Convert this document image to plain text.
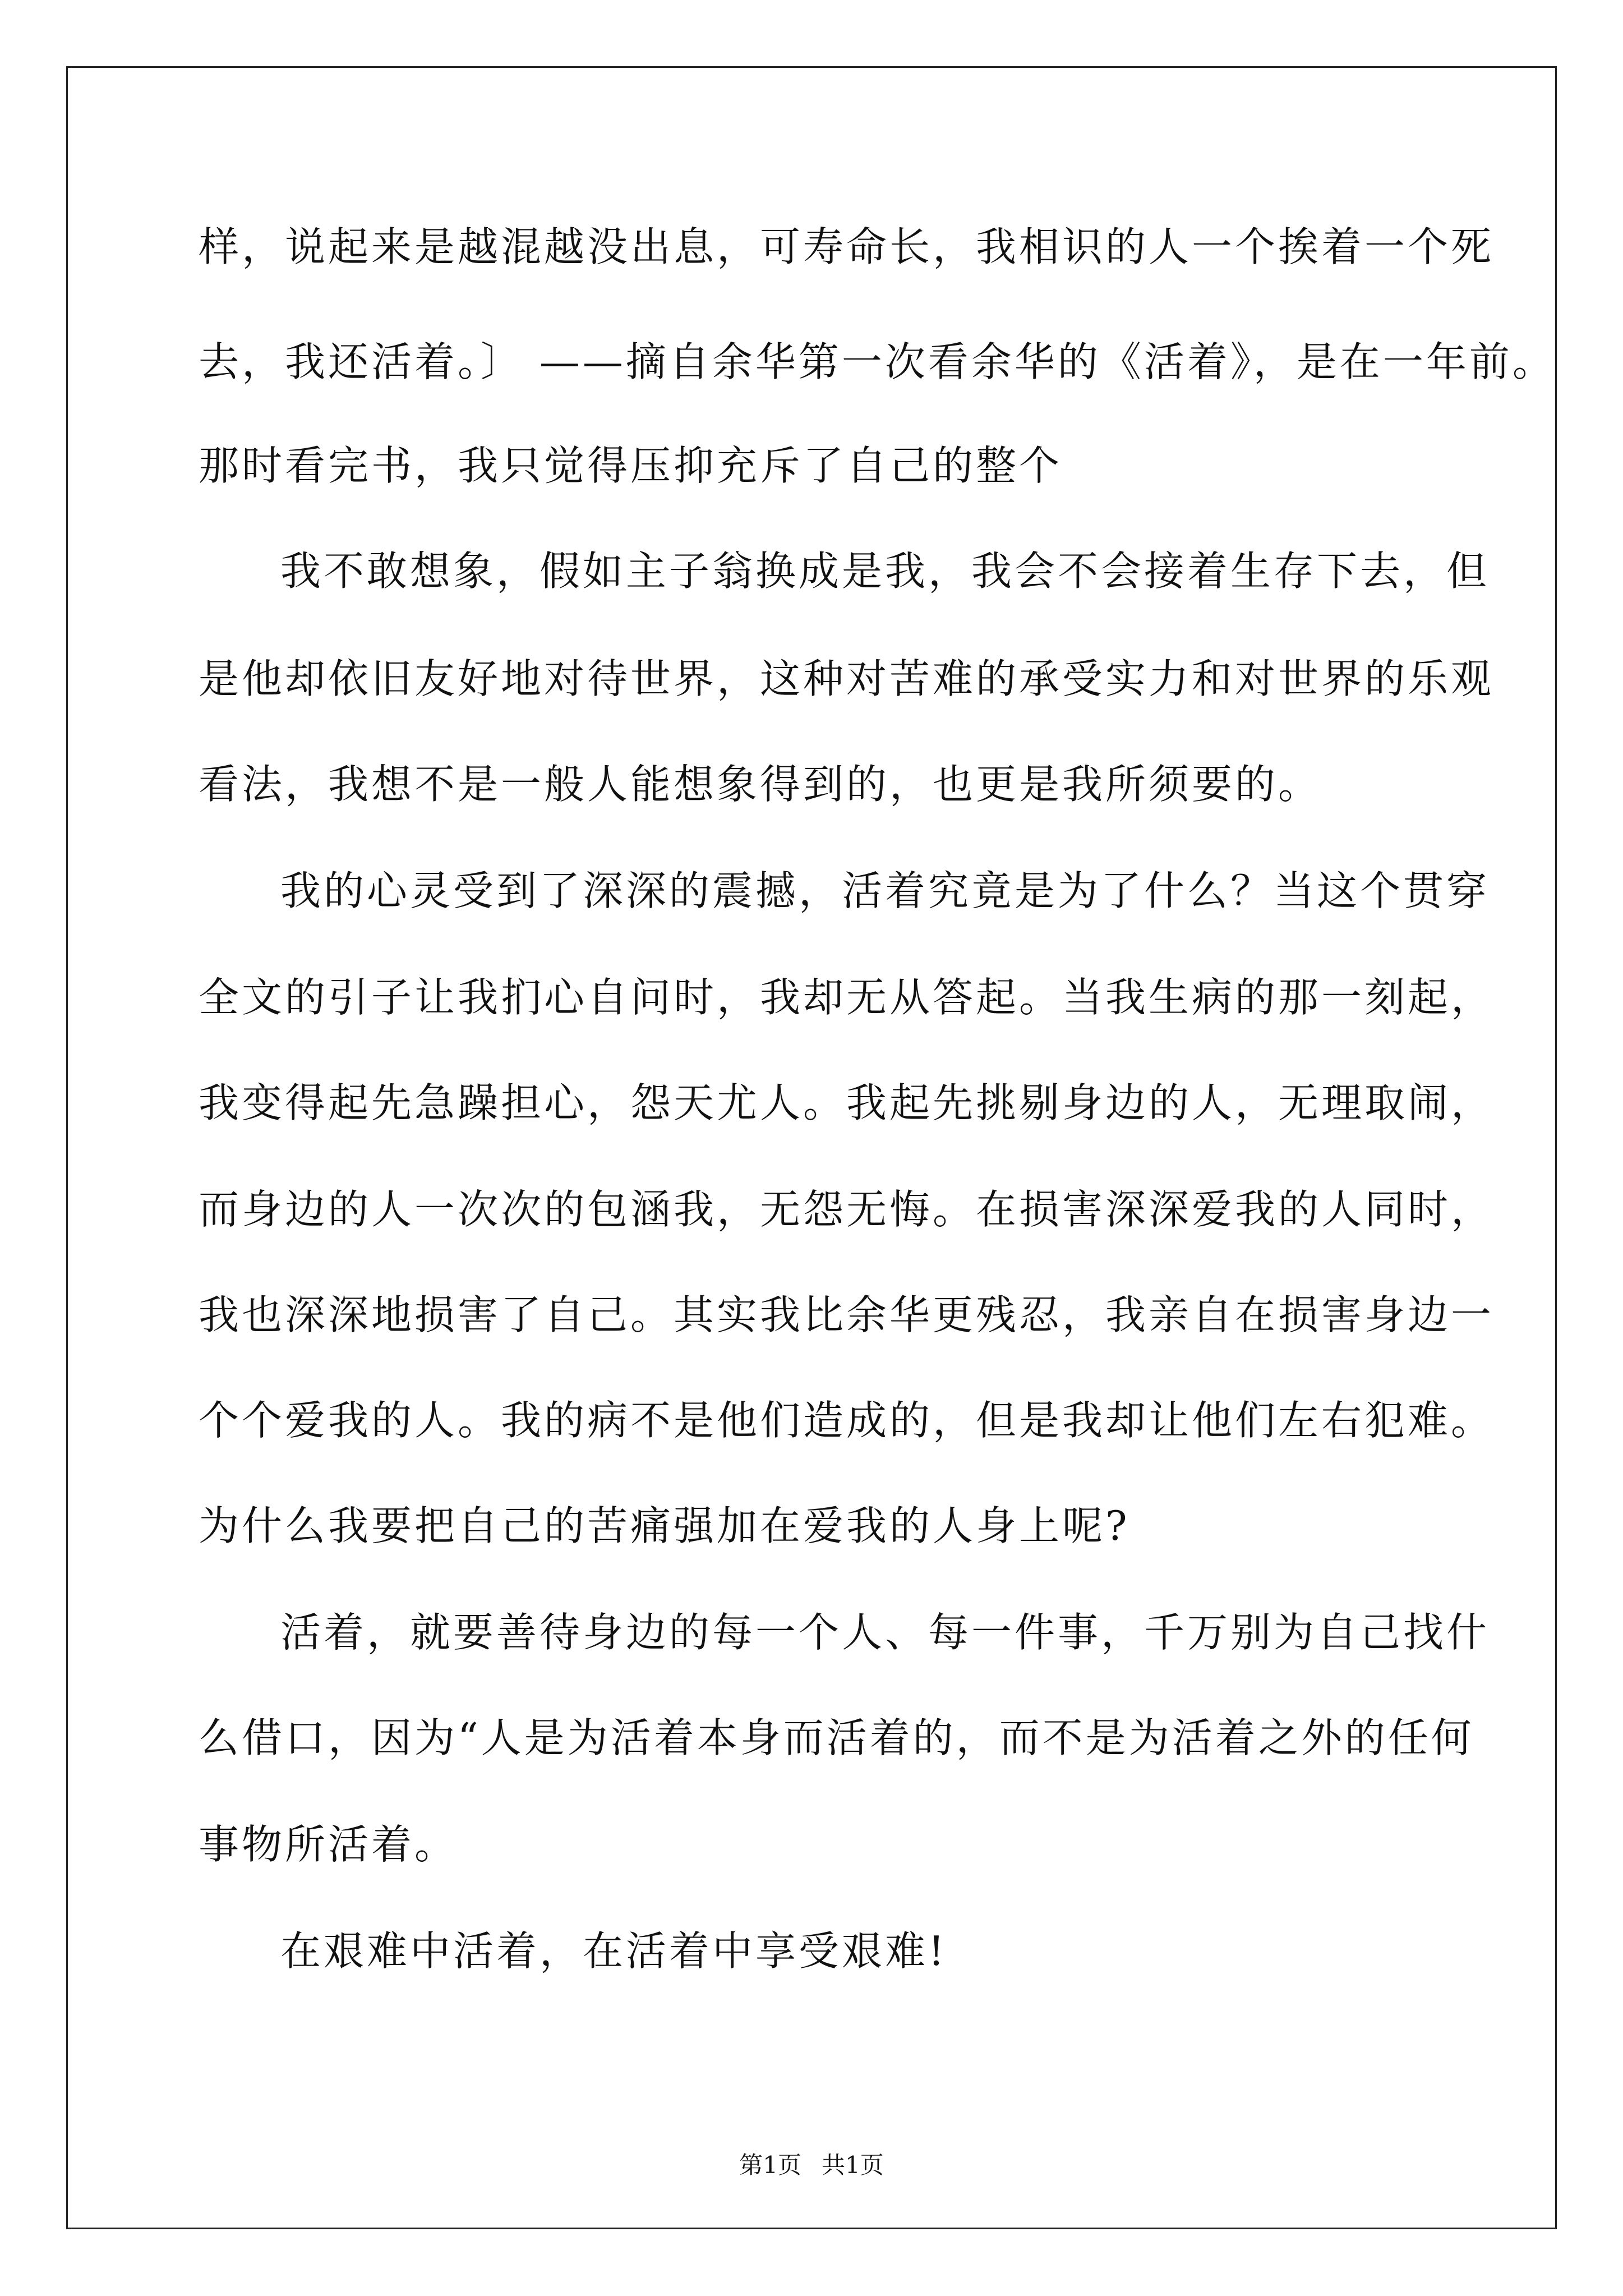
样，说起来是越混越没出息，可寿命长，我相识的人一个挨着一个死
去，我还活着。〕 ——摘自余华第一次看余华的《活着》，是在一年前。
那时看完书，我只觉得压抑充斥了自己的整个
我不敢想象，假如主子翁换成是我，我会不会接着生存下去，但
是他却依旧友好地对待世界，这种对苦难的承受实力和对世界的乐观
看法，我想不是一般人能想象得到的，也更是我所须要的。
我的心灵受到了深深的震撼，活着究竟是为了什么？当这个贯穿
全文的引子让我扪心自问时，我却无从答起。当我生病的那一刻起，
我变得起先急躁担心，怨天尤人。我起先挑剔身边的人，无理取闹，
而身边的人一次次的包涵我，无怨无悔。在损害深深爱我的人同时，
我也深深地损害了自己。其实我比余华更残忍，我亲自在损害身边一
个个爱我的人。我的病不是他们造成的，但是我却让他们左右犯难。
为什么我要把自己的苦痛强加在爱我的人身上呢?
活着，就要善待身边的每一个人、每一件事，千万别为自己找什
么借口，因为“人是为活着本身而活着的，而不是为活着之外的任何
事物所活着。
在艰难中活着，在活着中享受艰难!
第1页 共1页
